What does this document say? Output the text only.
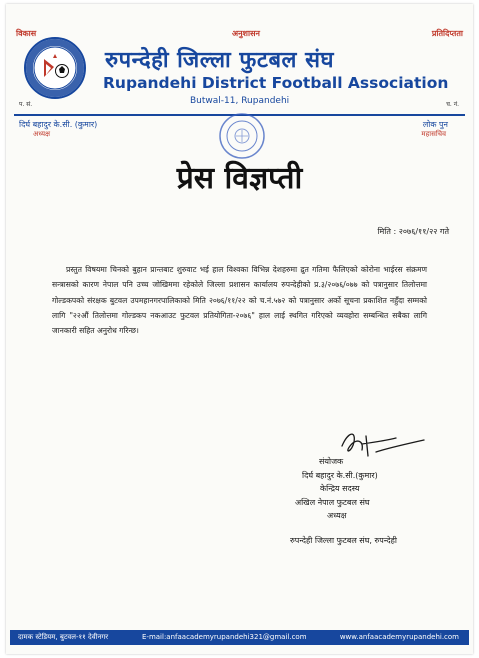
विकास	अनुशासन	प्रतिदिप्तता
रुपन्देही जिल्ला फुटबल संघ
Rupandehi District Football Association
Butwal-11, Rupandehi
प. सं.	च. नं.
दिर्घ बहादुर के.सी. (कुमार)
अध्यक्ष
लोक पुन
महासचिव
प्रेस विज्ञप्ती
मिति : २०७६/११/२२ गते
प्रस्तुत विषयमा चिनको बुहान प्रान्तबाट शुरुवाट भई हाल विश्वका विभिन्न देशहरुमा द्रुत गतिमा फैलिएको कोरोना भाईरस संक्रमण सन्त्रासको कारण नेपाल पनि उच्च जोखिममा रहेकोले जिल्ला प्रशासन कार्यालय रुपन्देहीको प्र.३/२०७६/०७७ को पत्रानुसार तिलोत्तमा गोल्डकपको संरक्षक बुटवल उपमहानगरपालिकाको मिति २०७६/११/२२ को च.नं.५७२ को पत्रानुसार अर्को सूचना प्रकाशित नहुँदा सम्मको लागि "२२औं तिलोत्तमा गोल्डकप नकआउट फुटवल प्रतियोगिता-२०७६" हाल लाई स्थगित गरिएको व्यवहोरा सम्बन्धित सबैका लागि जानकारी सहित अनुरोध गरिन्छ।
संयोजक
दिर्घ बहादुर के.सी.(कुमार)
केन्द्रिय सदस्य
अखिल नेपाल फुटबल संघ
अध्यक्ष
रुपन्देही जिल्ला फुटबल संघ, रुपन्देही
दामक स्टेडियम, बुटवल-११ देवीनगर	E-mail:anfaacademyrupandehi321@gmail.com	www.anfaacademyrupandehi.com
